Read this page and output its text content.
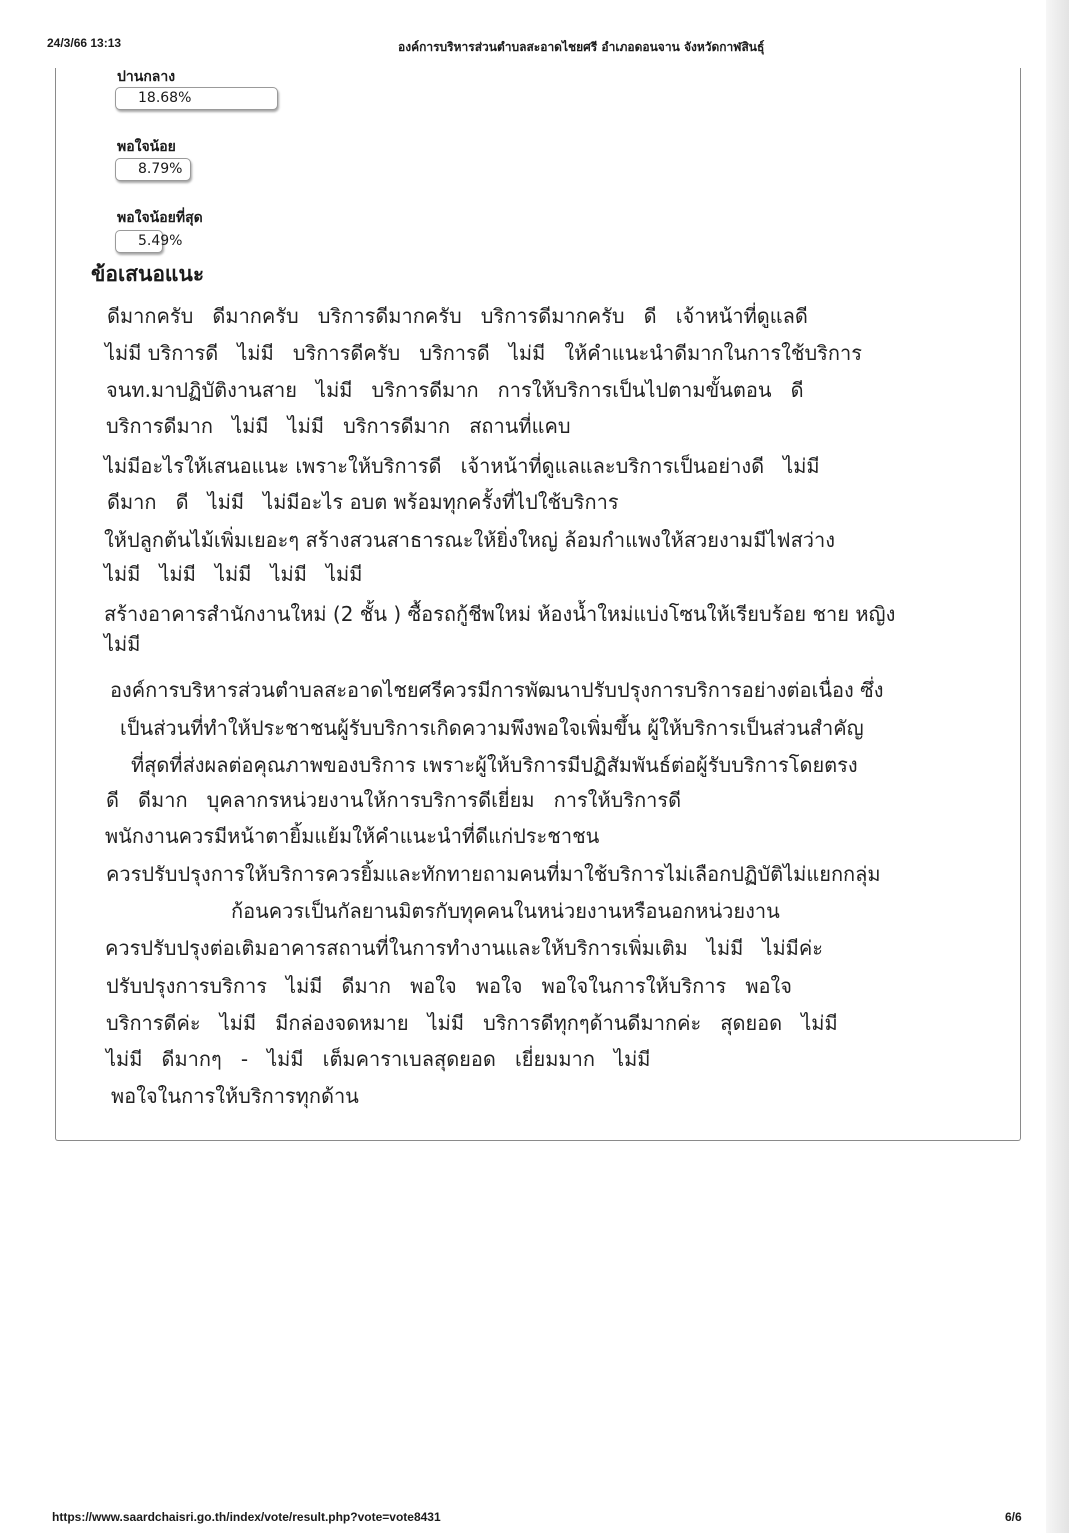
24/3/66 13:13	องค์การบริหารส่วนตำบลสะอาดไชยศรี อำเภอดอนจาน จังหวัดกาฬสินธุ์
ปานกลาง
18.68%
พอใจน้อย
8.79%
พอใจน้อยที่สุด
5.49%
ข้อเสนอแนะ
ดีมากครับ   ดีมากครับ   บริการดีมากครับ   บริการดีมากครับ   ดี   เจ้าหน้าที่ดูแลดี
ไม่มี บริการดี   ไม่มี   บริการดีครับ   บริการดี   ไม่มี   ให้คำแนะนำดีมากในการใช้บริการ
จนท.มาปฏิบัติงานสาย   ไม่มี   บริการดีมาก   การให้บริการเป็นไปตามขั้นตอน   ดี
บริการดีมาก   ไม่มี   ไม่มี   บริการดีมาก   สถานที่แคบ
ไม่มีอะไรให้เสนอแนะ เพราะให้บริการดี   เจ้าหน้าที่ดูแลและบริการเป็นอย่างดี   ไม่มี
ดีมาก   ดี   ไม่มี   ไม่มีอะไร อบต พร้อมทุกครั้งที่ไปใช้บริการ
ให้ปลูกต้นไม้เพิ่มเยอะๆ สร้างสวนสาธารณะให้ยิ่งใหญ่ ล้อมกำแพงให้สวยงามมีไฟสว่าง
ไม่มี   ไม่มี   ไม่มี   ไม่มี   ไม่มี
สร้างอาคารสำนักงานใหม่ (2 ชั้น ) ซื้อรถกู้ชีพใหม่ ห้องน้ำใหม่แบ่งโซนให้เรียบร้อย ชาย หญิง
ไม่มี
องค์การบริหารส่วนตำบลสะอาดไชยศรีควรมีการพัฒนาปรับปรุงการบริการอย่างต่อเนื่อง ซึ่ง
เป็นส่วนที่ทำให้ประชาชนผู้รับบริการเกิดความพึงพอใจเพิ่มขึ้น ผู้ให้บริการเป็นส่วนสำคัญ
ที่สุดที่ส่งผลต่อคุณภาพของบริการ เพราะผู้ให้บริการมีปฏิสัมพันธ์ต่อผู้รับบริการโดยตรง
ดี   ดีมาก   บุคลากรหน่วยงานให้การบริการดีเยี่ยม   การให้บริการดี
พนักงานควรมีหน้าตายิ้มแย้มให้คำแนะนำที่ดีแก่ประชาชน
ควรปรับปรุงการให้บริการควรยิ้มและทักทายถามคนที่มาใช้บริการไม่เลือกปฏิบัติไม่แยกกลุ่ม
ก้อนควรเป็นกัลยานมิตรกับทุคคนในหน่วยงานหรือนอกหน่วยงาน
ควรปรับปรุงต่อเติมอาคารสถานที่ในการทำงานและให้บริการเพิ่มเติม   ไม่มี   ไม่มีค่ะ
ปรับปรุงการบริการ   ไม่มี   ดีมาก   พอใจ   พอใจ   พอใจในการให้บริการ   พอใจ
บริการดีค่ะ   ไม่มี   มีกล่องจดหมาย   ไม่มี   บริการดีทุกๆด้านดีมากค่ะ   สุดยอด   ไม่มี
ไม่มี   ดีมากๆ   -   ไม่มี   เต็มคาราเบลสุดยอด   เยี่ยมมาก   ไม่มี
พอใจในการให้บริการทุกด้าน
https://www.saardchaisri.go.th/index/vote/result.php?vote=vote8431	6/6
